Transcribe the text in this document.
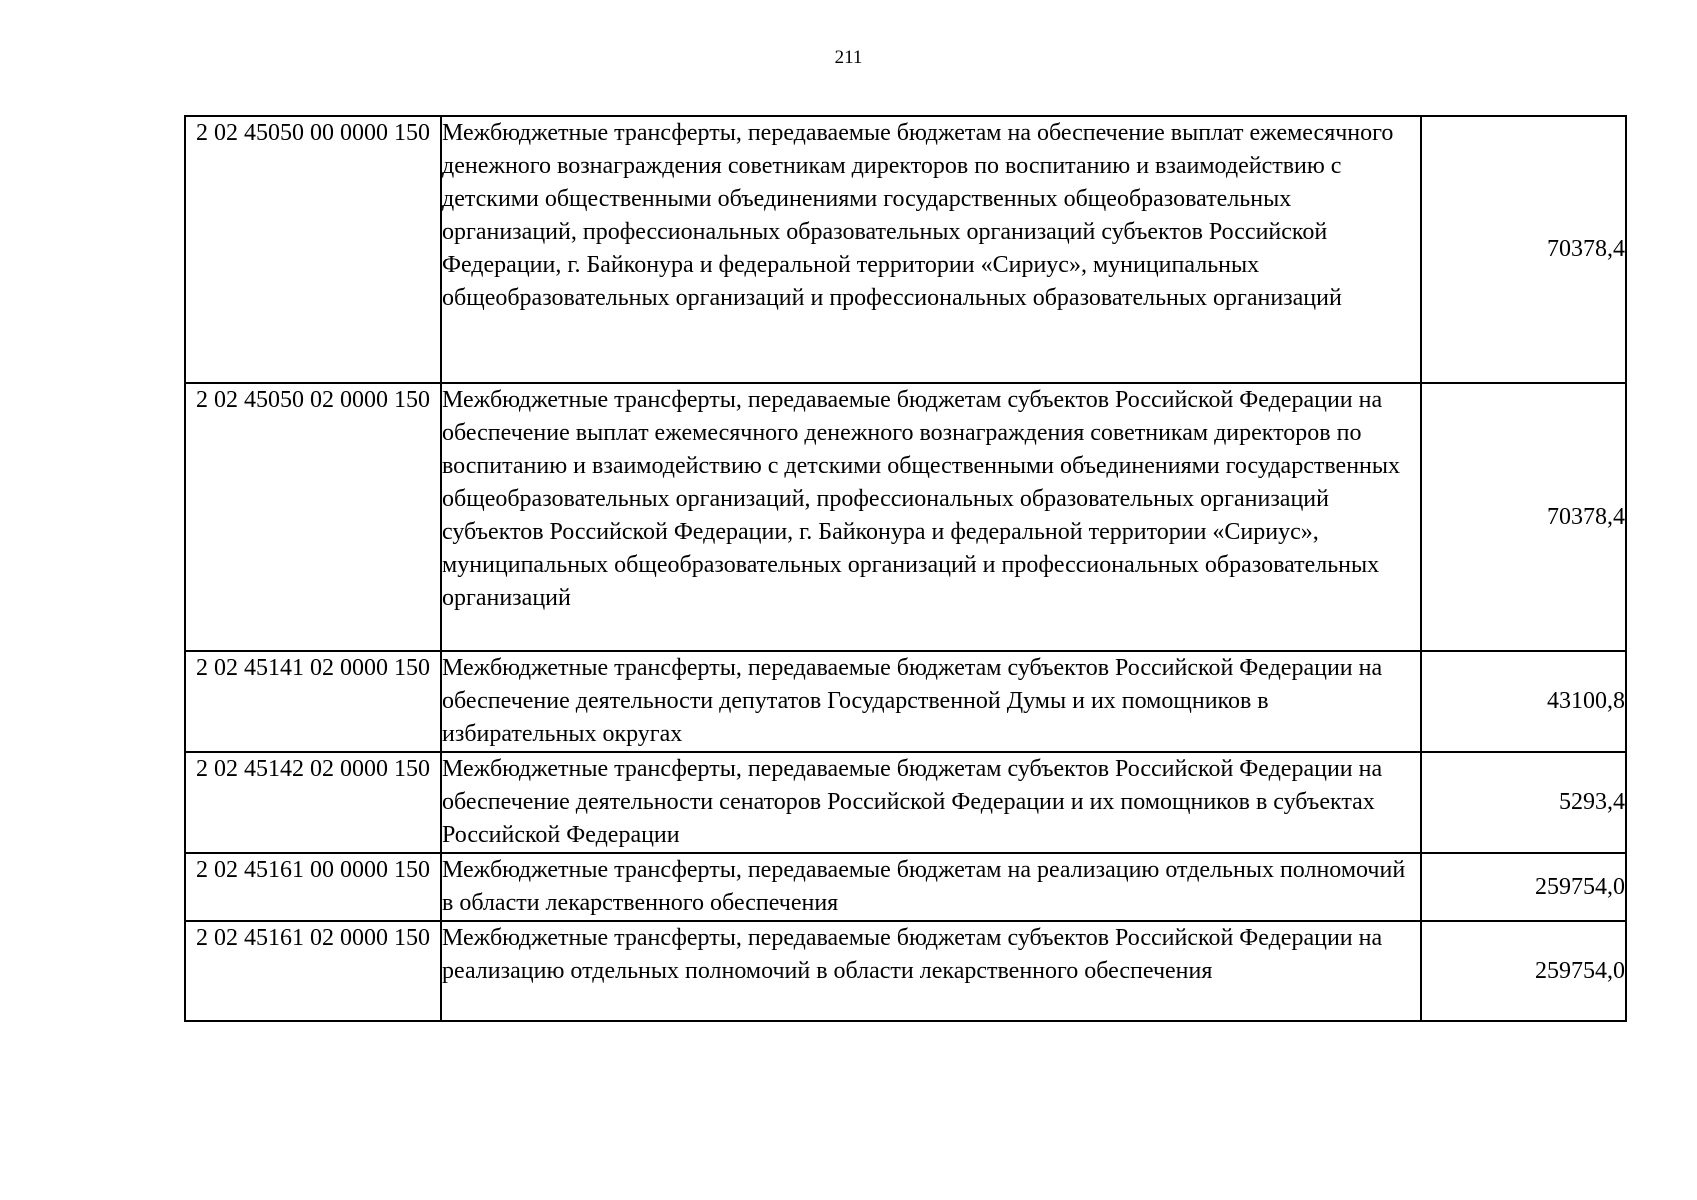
211
2 02 45050 00 0000 150	Межбюджетные трансферты, передаваемые бюджетам на обеспечение выплат ежемесячного денежного вознаграждения советникам директоров по воспитанию и взаимодействию с детскими общественными объединениями государственных общеобразовательных организаций, профессиональных образовательных организаций субъектов Российской Федерации, г. Байконура и федеральной территории «Сириус», муниципальных общеобразовательных организаций и профессиональных образовательных организаций	70378,4
2 02 45050 02 0000 150	Межбюджетные трансферты, передаваемые бюджетам субъектов Российской Федерации на обеспечение выплат ежемесячного денежного вознаграждения советникам директоров по воспитанию и взаимодействию с детскими общественными объединениями государственных общеобразовательных организаций, профессиональных образовательных организаций субъектов Российской Федерации, г. Байконура и федеральной территории «Сириус», муниципальных общеобразовательных организаций и профессиональных образовательных организаций	70378,4
2 02 45141 02 0000 150	Межбюджетные трансферты, передаваемые бюджетам субъектов Российской Федерации на обеспечение деятельности депутатов Государственной Думы и их помощников в избирательных округах	43100,8
2 02 45142 02 0000 150	Межбюджетные трансферты, передаваемые бюджетам субъектов Российской Федерации на обеспечение деятельности сенаторов Российской Федерации и их помощников в субъектах Российской Федерации	5293,4
2 02 45161 00 0000 150	Межбюджетные трансферты, передаваемые бюджетам на реализацию отдельных полномочий в области лекарственного обеспечения	259754,0
2 02 45161 02 0000 150	Межбюджетные трансферты, передаваемые бюджетам субъектов Российской Федерации на реализацию отдельных полномочий в области лекарственного обеспечения	259754,0
